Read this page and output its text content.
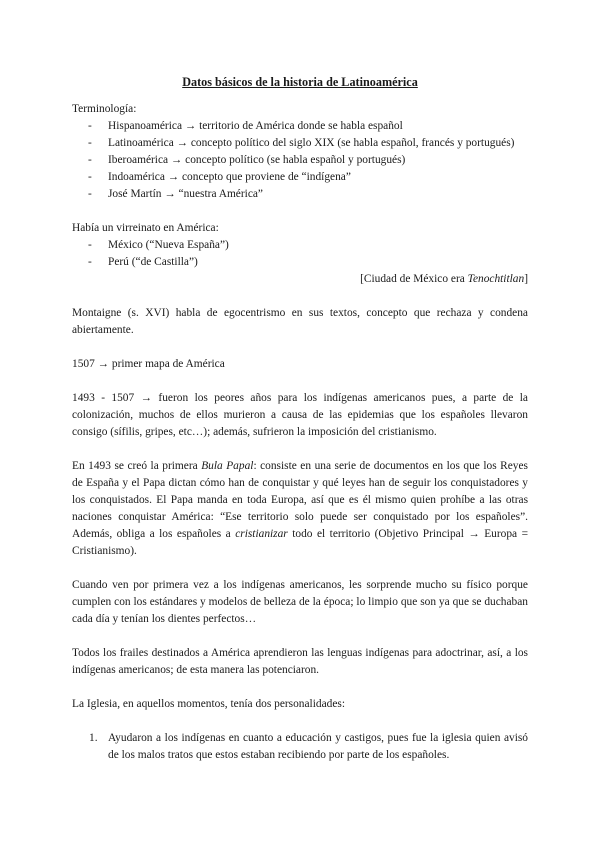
Datos básicos de la historia de Latinoamérica

Terminología:

- Hispanoamérica → territorio de América donde se habla español
- Latinoamérica → concepto político del siglo XIX (se habla español, francés y portugués)
- Iberoamérica → concepto político (se habla español y portugués)
- Indoamérica → concepto que proviene de “indígena”
- José Martín → “nuestra América”

Había un virreinato en América:

- México (“Nueva España”)
- Perú (“de Castilla”)

[Ciudad de México era Tenochtitlan]

Montaigne (s. XVI) habla de egocentrismo en sus textos, concepto que rechaza y condena abiertamente.

1507 → primer mapa de América

1493 - 1507 → fueron los peores años para los indígenas americanos pues, a parte de la colonización, muchos de ellos murieron a causa de las epidemias que los españoles llevaron consigo (sífilis, gripes, etc…); además, sufrieron la imposición del cristianismo.

En 1493 se creó la primera Bula Papal: consiste en una serie de documentos en los que los Reyes de España y el Papa dictan cómo han de conquistar y qué leyes han de seguir los conquistadores y los conquistados. El Papa manda en toda Europa, así que es él mismo quien prohíbe a las otras naciones conquistar América: “Ese territorio solo puede ser conquistado por los españoles”. Además, obliga a los españoles a cristianizar todo el territorio (Objetivo Principal → Europa = Cristianismo).

Cuando ven por primera vez a los indígenas americanos, les sorprende mucho su físico porque cumplen con los estándares y modelos de belleza de la época; lo limpio que son ya que se duchaban cada día y tenían los dientes perfectos…

Todos los frailes destinados a América aprendieron las lenguas indígenas para adoctrinar, así, a los indígenas americanos; de esta manera las potenciaron.

La Iglesia, en aquellos momentos, tenía dos personalidades:

1. Ayudaron a los indígenas en cuanto a educación y castigos, pues fue la iglesia quien avisó de los malos tratos que estos estaban recibiendo por parte de los españoles.
